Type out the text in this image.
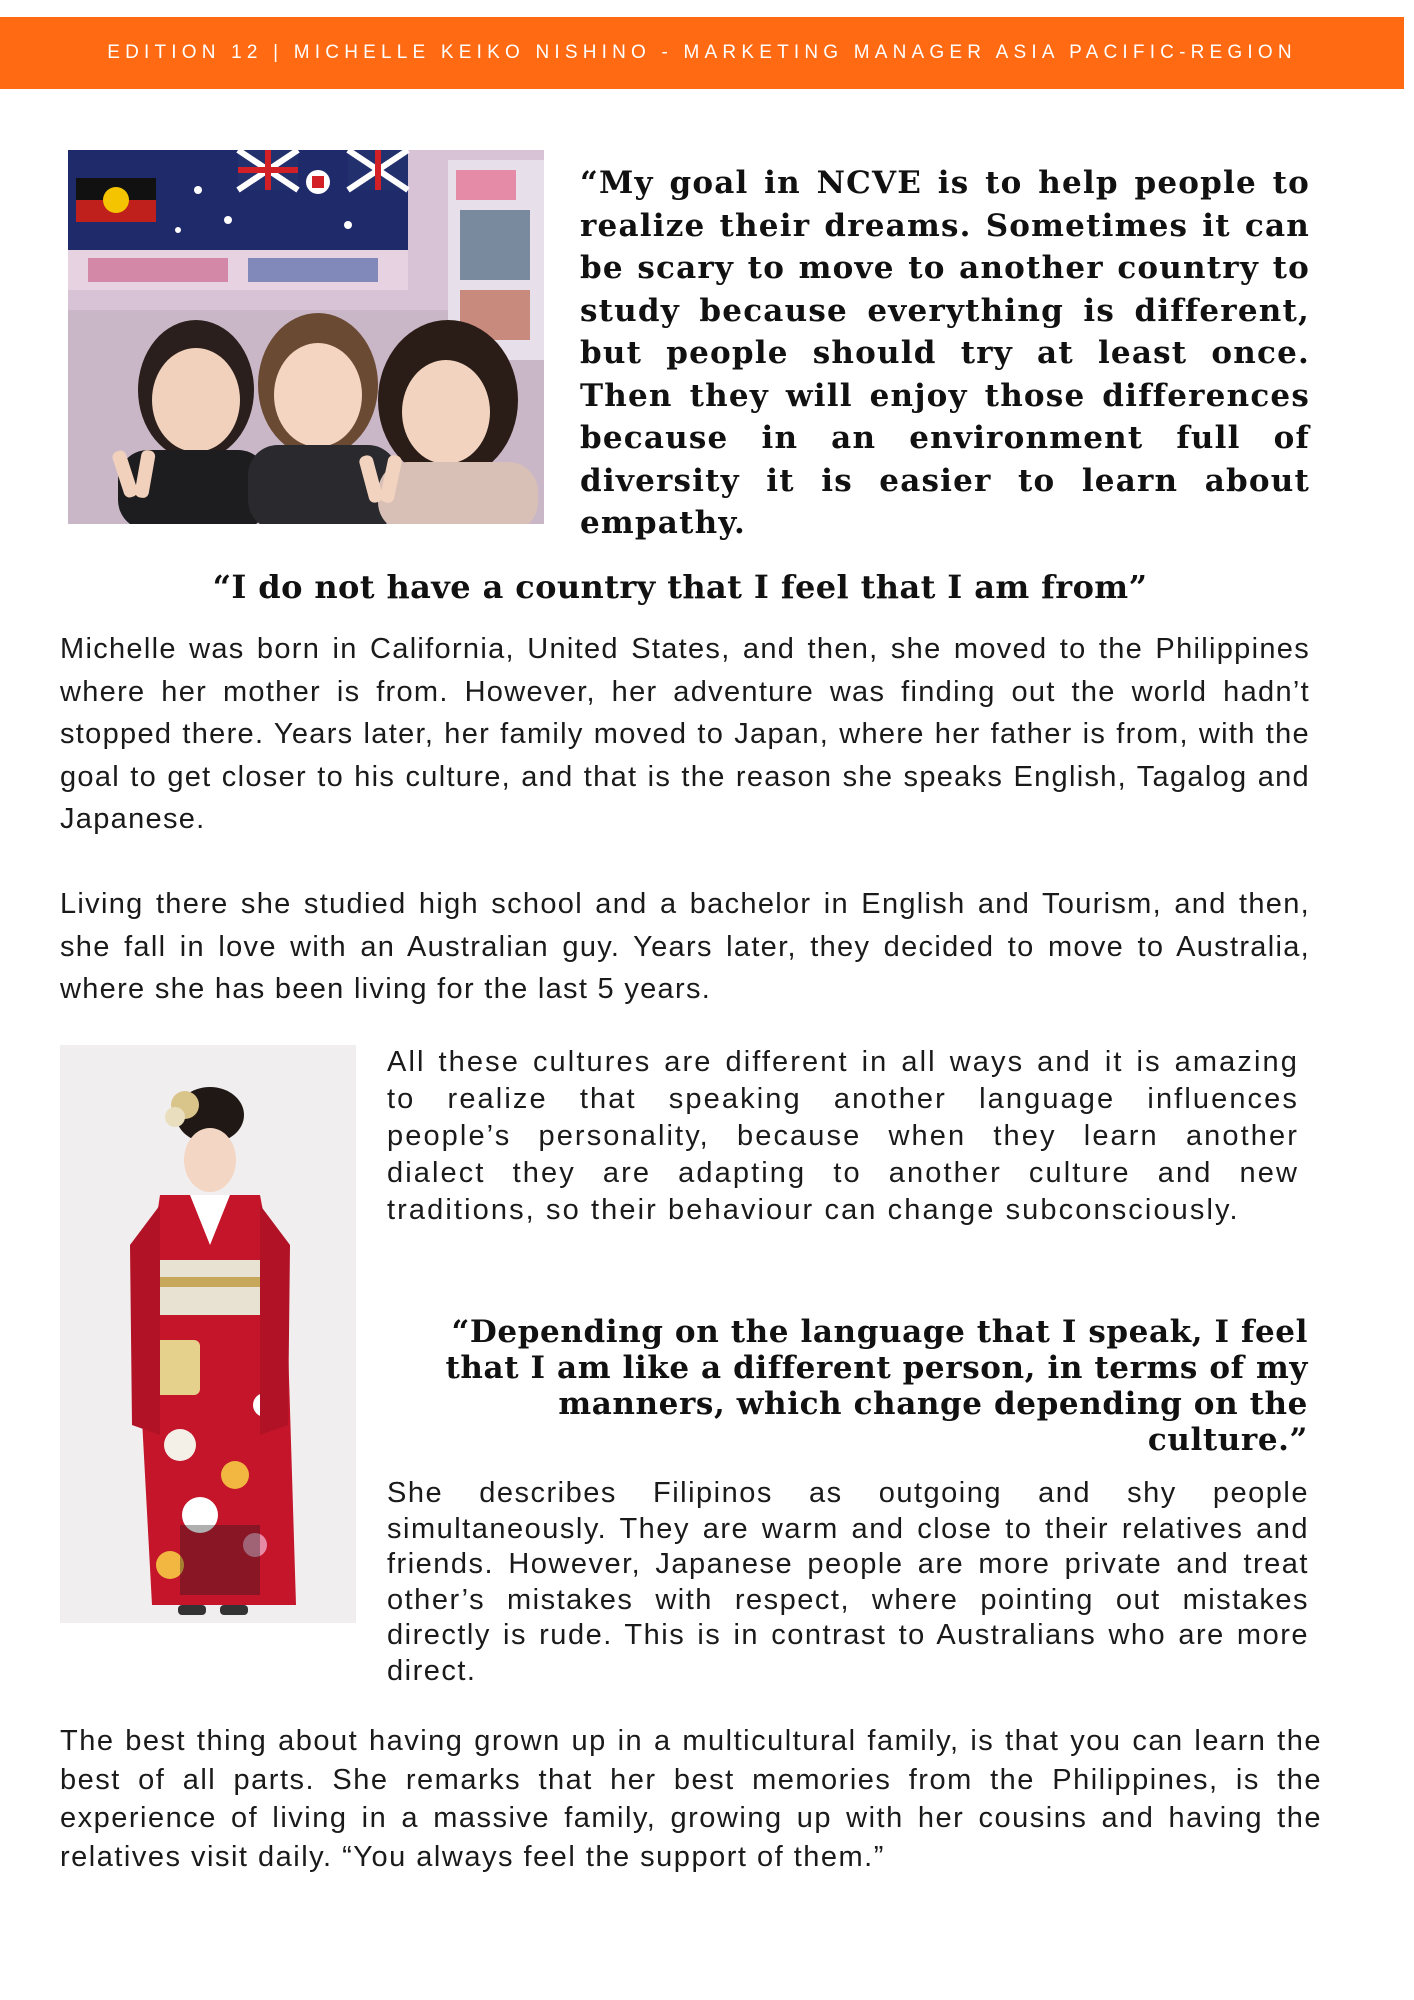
EDITION 12 | MICHELLE KEIKO NISHINO - MARKETING MANAGER ASIA PACIFIC-REGION
“My goal in NCVE is to help people to realize their dreams. Sometimes it can be scary to move to another country to study because everything is different, but people should try at least once. Then they will enjoy those differences because in an environment full of diversity it is easier to learn about empathy.
“I do not have a country that I feel that I am from”

Michelle was born in California, United States, and then, she moved to the Philippines where her mother is from. However, her adventure was finding out the world hadn’t stopped there. Years later, her family moved to Japan, where her father is from, with the goal to get closer to his culture, and that is the reason she speaks English, Tagalog and Japanese.

Living there she studied high school and a bachelor in English and Tourism, and then, she fall in love with an Australian guy. Years later, they decided to move to Australia, where she has been living for the last 5 years.

All these cultures are different in all ways and it is amazing to realize that speaking another language influences people’s personality, because when they learn another dialect they are adapting to another culture and new traditions, so their behaviour can change subconsciously.

“Depending on the language that I speak, I feel that I am like a different person, in terms of my manners, which change depending on the culture.”

She describes Filipinos as outgoing and shy people simultaneously. They are warm and close to their relatives and friends. However, Japanese people are more private and treat other’s mistakes with respect, where pointing out mistakes directly is rude. This is in contrast to Australians who are more direct.

The best thing about having grown up in a multicultural family, is that you can learn the best of all parts. She remarks that her best memories from the Philippines, is the experience of living in a massive family, growing up with her cousins and having the relatives visit daily. “You always feel the support of them.”
